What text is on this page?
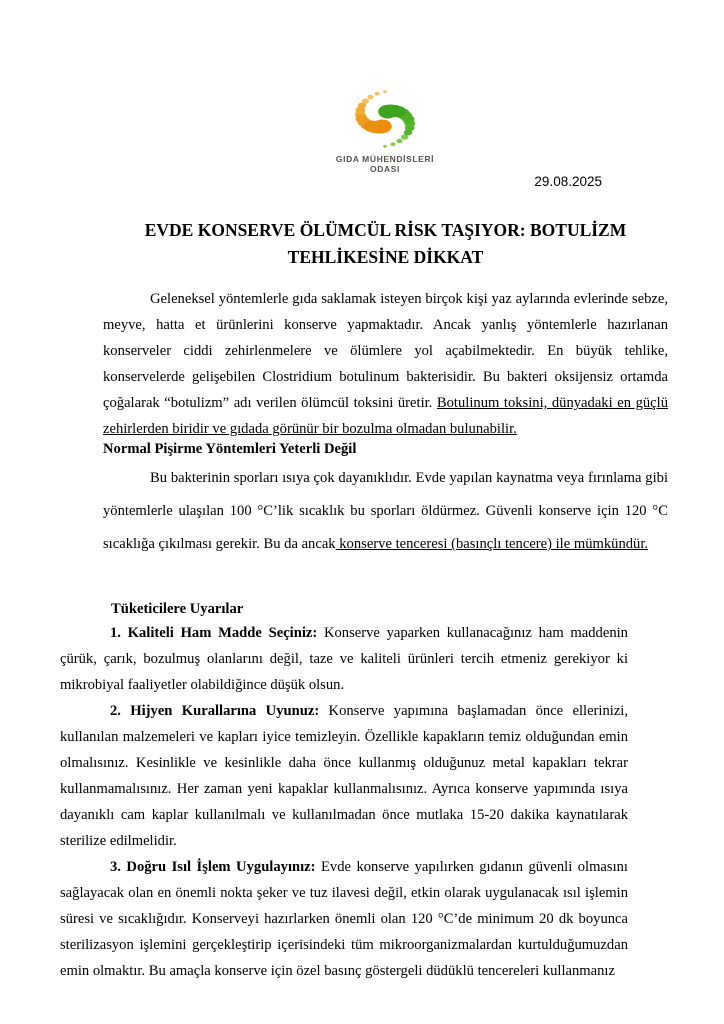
GIDA MÜHENDİSLERİ
ODASI
29.08.2025
EVDE KONSERVE ÖLÜMCÜL RİSK TAŞIYOR: BOTULİZM
TEHLİKESİNE DİKKAT

Geleneksel yöntemlerle gıda saklamak isteyen birçok kişi yaz aylarında evlerinde sebze, meyve, hatta et ürünlerini konserve yapmaktadır. Ancak yanlış yöntemlerle hazırlanan konserveler ciddi zehirlenmelere ve ölümlere yol açabilmektedir. En büyük tehlike, konservelerde gelişebilen Clostridium botulinum bakterisidir. Bu bakteri oksijensiz ortamda çoğalarak “botulizm” adı verilen ölümcül toksini üretir. Botulinum toksini, dünyadaki en güçlü zehirlerden biridir ve gıdada görünür bir bozulma olmadan bulunabilir.

Normal Pişirme Yöntemleri Yeterli Değil

Bu bakterinin sporları ısıya çok dayanıklıdır. Evde yapılan kaynatma veya fırınlama gibi yöntemlerle ulaşılan 100 °C’lik sıcaklık bu sporları öldürmez. Güvenli konserve için 120 °C sıcaklığa çıkılması gerekir. Bu da ancak konserve tenceresi (basınçlı tencere) ile mümkündür.

Tüketicilere Uyarılar

1. Kaliteli Ham Madde Seçiniz: Konserve yaparken kullanacağınız ham maddenin çürük, çarık, bozulmuş olanlarını değil, taze ve kaliteli ürünleri tercih etmeniz gerekiyor ki mikrobiyal faaliyetler olabildiğince düşük olsun.

2. Hijyen Kurallarına Uyunuz: Konserve yapımına başlamadan önce ellerinizi, kullanılan malzemeleri ve kapları iyice temizleyin. Özellikle kapakların temiz olduğundan emin olmalısınız. Kesinlikle ve kesinlikle daha önce kullanmış olduğunuz metal kapakları tekrar kullanmamalısınız. Her zaman yeni kapaklar kullanmalısınız. Ayrıca konserve yapımında ısıya dayanıklı cam kaplar kullanılmalı ve kullanılmadan önce mutlaka 15-20 dakika kaynatılarak sterilize edilmelidir.

3. Doğru Isıl İşlem Uygulayınız: Evde konserve yapılırken gıdanın güvenli olmasını sağlayacak olan en önemli nokta şeker ve tuz ilavesi değil, etkin olarak uygulanacak ısıl işlemin süresi ve sıcaklığıdır. Konserveyi hazırlarken önemli olan 120 °C’de minimum 20 dk boyunca sterilizasyon işlemini gerçekleştirip içerisindeki tüm mikroorganizmalardan kurtulduğumuzdan emin olmaktır. Bu amaçla konserve için özel basınç göstergeli düdüklü tencereleri kullanmanız
